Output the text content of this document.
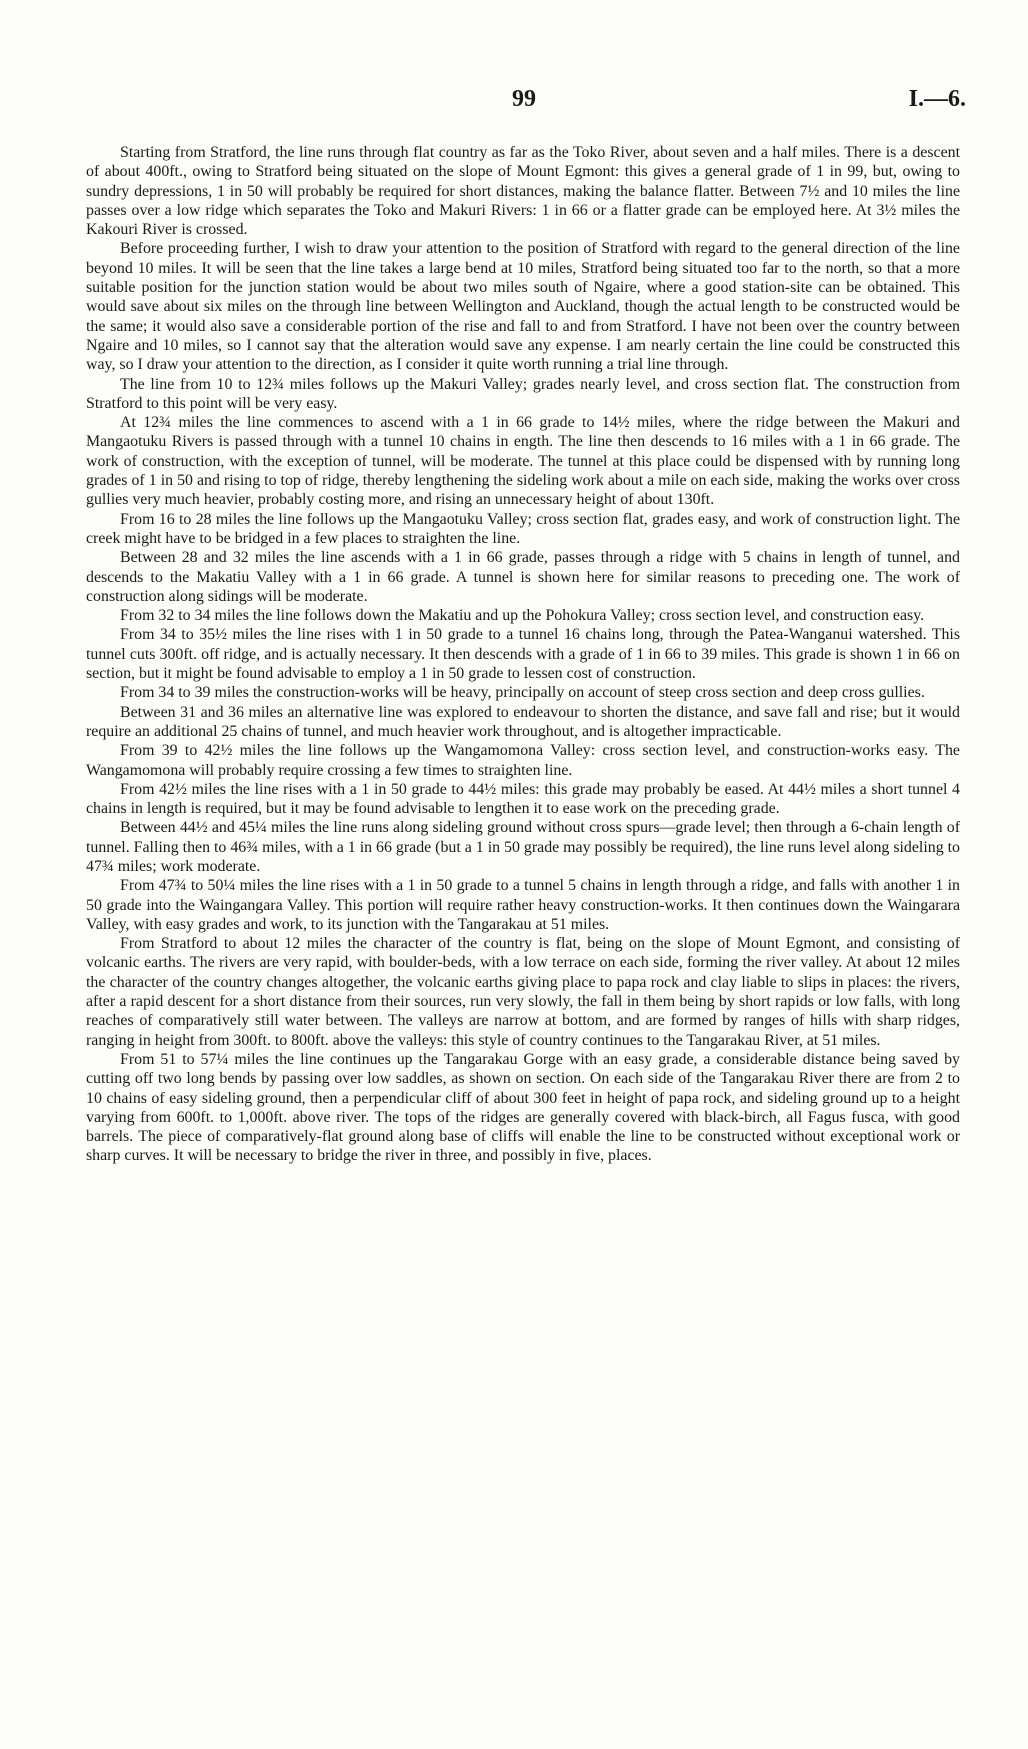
99	I.—6.

Starting from Stratford, the line runs through flat country as far as the Toko River, about seven and a half miles. There is a descent of about 400ft., owing to Stratford being situated on the slope of Mount Egmont: this gives a general grade of 1 in 99, but, owing to sundry depressions, 1 in 50 will probably be required for short distances, making the balance flatter. Between 7½ and 10 miles the line passes over a low ridge which separates the Toko and Makuri Rivers: 1 in 66 or a flatter grade can be employed here. At 3½ miles the Kakouri River is crossed.

Before proceeding further, I wish to draw your attention to the position of Stratford with regard to the general direction of the line beyond 10 miles. It will be seen that the line takes a large bend at 10 miles, Stratford being situated too far to the north, so that a more suitable position for the junction station would be about two miles south of Ngaire, where a good station-site can be obtained. This would save about six miles on the through line between Wellington and Auckland, though the actual length to be constructed would be the same; it would also save a considerable portion of the rise and fall to and from Stratford. I have not been over the country between Ngaire and 10 miles, so I cannot say that the alteration would save any expense. I am nearly certain the line could be constructed this way, so I draw your attention to the direction, as I consider it quite worth running a trial line through.

The line from 10 to 12¾ miles follows up the Makuri Valley; grades nearly level, and cross section flat. The construction from Stratford to this point will be very easy.

At 12¾ miles the line commences to ascend with a 1 in 66 grade to 14½ miles, where the ridge between the Makuri and Mangaotuku Rivers is passed through with a tunnel 10 chains in ength. The line then descends to 16 miles with a 1 in 66 grade. The work of construction, with the exception of tunnel, will be moderate. The tunnel at this place could be dispensed with by running long grades of 1 in 50 and rising to top of ridge, thereby lengthening the sideling work about a mile on each side, making the works over cross gullies very much heavier, probably costing more, and rising an unnecessary height of about 130ft.

From 16 to 28 miles the line follows up the Mangaotuku Valley; cross section flat, grades easy, and work of construction light. The creek might have to be bridged in a few places to straighten the line.

Between 28 and 32 miles the line ascends with a 1 in 66 grade, passes through a ridge with 5 chains in length of tunnel, and descends to the Makatiu Valley with a 1 in 66 grade. A tunnel is shown here for similar reasons to preceding one. The work of construction along sidings will be moderate.

From 32 to 34 miles the line follows down the Makatiu and up the Pohokura Valley; cross section level, and construction easy.

From 34 to 35½ miles the line rises with 1 in 50 grade to a tunnel 16 chains long, through the Patea-Wanganui watershed. This tunnel cuts 300ft. off ridge, and is actually necessary. It then descends with a grade of 1 in 66 to 39 miles. This grade is shown 1 in 66 on section, but it might be found advisable to employ a 1 in 50 grade to lessen cost of construction.

From 34 to 39 miles the construction-works will be heavy, principally on account of steep cross section and deep cross gullies.

Between 31 and 36 miles an alternative line was explored to endeavour to shorten the distance, and save fall and rise; but it would require an additional 25 chains of tunnel, and much heavier work throughout, and is altogether impracticable.

From 39 to 42½ miles the line follows up the Wangamomona Valley: cross section level, and construction-works easy. The Wangamomona will probably require crossing a few times to straighten line.

From 42½ miles the line rises with a 1 in 50 grade to 44½ miles: this grade may probably be eased. At 44½ miles a short tunnel 4 chains in length is required, but it may be found advisable to lengthen it to ease work on the preceding grade.

Between 44½ and 45¼ miles the line runs along sideling ground without cross spurs—grade level; then through a 6-chain length of tunnel. Falling then to 46¾ miles, with a 1 in 66 grade (but a 1 in 50 grade may possibly be required), the line runs level along sideling to 47¾ miles; work moderate.

From 47¾ to 50¼ miles the line rises with a 1 in 50 grade to a tunnel 5 chains in length through a ridge, and falls with another 1 in 50 grade into the Waingangara Valley. This portion will require rather heavy construction-works. It then continues down the Waingarara Valley, with easy grades and work, to its junction with the Tangarakau at 51 miles.

From Stratford to about 12 miles the character of the country is flat, being on the slope of Mount Egmont, and consisting of volcanic earths. The rivers are very rapid, with boulder-beds, with a low terrace on each side, forming the river valley. At about 12 miles the character of the country changes altogether, the volcanic earths giving place to papa rock and clay liable to slips in places: the rivers, after a rapid descent for a short distance from their sources, run very slowly, the fall in them being by short rapids or low falls, with long reaches of comparatively still water between. The valleys are narrow at bottom, and are formed by ranges of hills with sharp ridges, ranging in height from 300ft. to 800ft. above the valleys: this style of country continues to the Tangarakau River, at 51 miles.

From 51 to 57¼ miles the line continues up the Tangarakau Gorge with an easy grade, a considerable distance being saved by cutting off two long bends by passing over low saddles, as shown on section. On each side of the Tangarakau River there are from 2 to 10 chains of easy sideling ground, then a perpendicular cliff of about 300 feet in height of papa rock, and sideling ground up to a height varying from 600ft. to 1,000ft. above river. The tops of the ridges are generally covered with black-birch, all Fagus fusca, with good barrels. The piece of comparatively-flat ground along base of cliffs will enable the line to be constructed without exceptional work or sharp curves. It will be necessary to bridge the river in three, and possibly in five, places.
